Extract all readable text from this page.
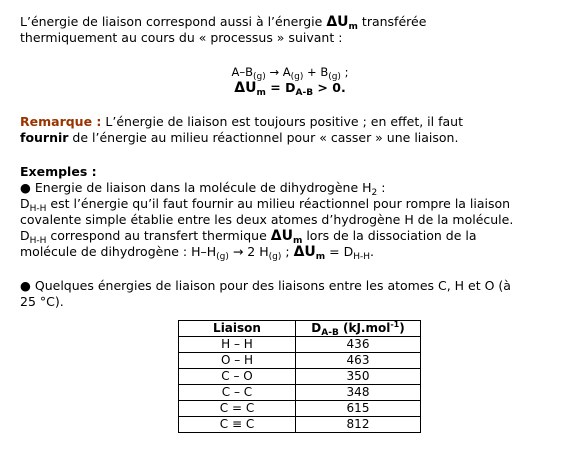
L’énergie de liaison correspond aussi à l’énergie $\Delta U_m$ transférée

thermiquement au cours du « processus » suivant :

$A-B_{(g)} \to A_{(g)} + B_{(g)}$ ;

$\Delta U_m = D_{A-B} > 0$.

Remarque : L’énergie de liaison est toujours positive ; en effet, il faut
fournir de l’énergie au milieu réactionnel pour « casser » une liaison.

Exemples :

● Energie de liaison dans la molécule de dihydrogène $H_2$ :

$D_{H-H}$ est l’énergie qu’il faut fournir au milieu réactionnel pour rompre la liaison
covalente simple établie entre les deux atomes d’hydrogène H de la molécule.

$D_{H-H}$ correspond au transfert thermique $\Delta U_m$ lors de la dissociation de la

molécule de dihydrogène : $H-H_{(g)} \to 2$ $H_{(g)}$ ; $\Delta U_m = D_{H-H}$.

● Quelques énergies de liaison pour des liaisons entre les atomes C, H et O (à
25 °C).

Liaison	$D_{A-B}$ (kJ.mol$^{-1}$)
H – H	436
O – H	463
C – O	350
C – C	348
C = C	615
C ≡ C	812
